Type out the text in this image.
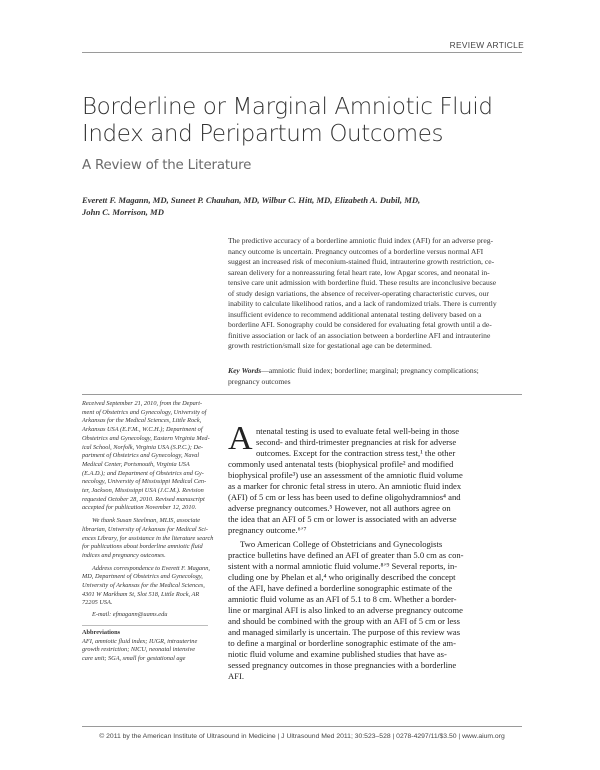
REVIEW ARTICLE
Borderline or Marginal Amniotic Fluid
Index and Peripartum Outcomes
A Review of the Literature
Everett F. Magann, MD, Suneet P. Chauhan, MD, Wilbur C. Hitt, MD, Elizabeth A. Dubil, MD,
John C. Morrison, MD
The predictive accuracy of a borderline amniotic fluid index (AFI) for an adverse preg-
nancy outcome is uncertain. Pregnancy outcomes of a borderline versus normal AFI
suggest an increased risk of meconium-stained fluid, intrauterine growth restriction, ce-
sarean delivery for a nonreassuring fetal heart rate, low Apgar scores, and neonatal in-
tensive care unit admission with borderline fluid. These results are inconclusive because
of study design variations, the absence of receiver-operating characteristic curves, our
inability to calculate likelihood ratios, and a lack of randomized trials. There is currently
insufficient evidence to recommend additional antenatal testing delivery based on a
borderline AFI. Sonography could be considered for evaluating fetal growth until a de-
finitive association or lack of an association between a borderline AFI and intrauterine
growth restriction/small size for gestational age can be determined.
Key Words—amniotic fluid index; borderline; marginal; pregnancy complications;
pregnancy outcomes
Received September 21, 2010, from the Depart-
ment of Obstetrics and Gynecology, University of
Arkansas for the Medical Sciences, Little Rock,
Arkansas USA (E.F.M., W.C.H.); Department of
Obstetrics and Gynecology, Eastern Virginia Med-
ical School, Norfolk, Virginia USA (S.P.C.); De-
partment of Obstetrics and Gynecology, Naval
Medical Center, Portsmouth, Virginia USA
(E.A.D.); and Department of Obstetrics and Gy-
necology, University of Mississippi Medical Cen-
ter, Jackson, Mississippi USA (J.C.M.). Revision
requested October 28, 2010. Revised manuscript
accepted for publication November 12, 2010.
We thank Susan Steelman, MLIS, associate
librarian, University of Arkansas for Medical Sci-
ences Library, for assistance in the literature search
for publications about borderline amniotic fluid
indices and pregnancy outcomes.
Address correspondence to Everett F. Magann,
MD, Department of Obstetrics and Gynecology,
University of Arkansas for the Medical Sciences,
4301 W Markham St, Slot 518, Little Rock, AR
72205 USA.
E-mail: efmagann@uams.edu
Abbreviations
AFI, amniotic fluid index; IUGR, intrauterine
growth restriction; NICU, neonatal intensive
care unit; SGA, small for gestational age
A ntenatal testing is used to evaluate fetal well-being in those
second- and third-trimester pregnancies at risk for adverse
outcomes. Except for the contraction stress test,¹ the other
commonly used antenatal tests (biophysical profile² and modified
biophysical profile³) use an assessment of the amniotic fluid volume
as a marker for chronic fetal stress in utero. An amniotic fluid index
(AFI) of 5 cm or less has been used to define oligohydramnios⁴ and
adverse pregnancy outcomes.⁵ However, not all authors agree on
the idea that an AFI of 5 cm or lower is associated with an adverse
pregnancy outcome.⁶ʼ⁷
Two American College of Obstetricians and Gynecologists
practice bulletins have defined an AFI of greater than 5.0 cm as con-
sistent with a normal amniotic fluid volume.⁸ʼ⁹ Several reports, in-
cluding one by Phelan et al,⁴ who originally described the concept
of the AFI, have defined a borderline sonographic estimate of the
amniotic fluid volume as an AFI of 5.1 to 8 cm. Whether a border-
line or marginal AFI is also linked to an adverse pregnancy outcome
and should be combined with the group with an AFI of 5 cm or less
and managed similarly is uncertain. The purpose of this review was
to define a marginal or borderline sonographic estimate of the am-
niotic fluid volume and examine published studies that have as-
sessed pregnancy outcomes in those pregnancies with a borderline
AFI.
© 2011 by the American Institute of Ultrasound in Medicine | J Ultrasound Med 2011; 30:523–528 | 0278-4297/11/$3.50 | www.aium.org
